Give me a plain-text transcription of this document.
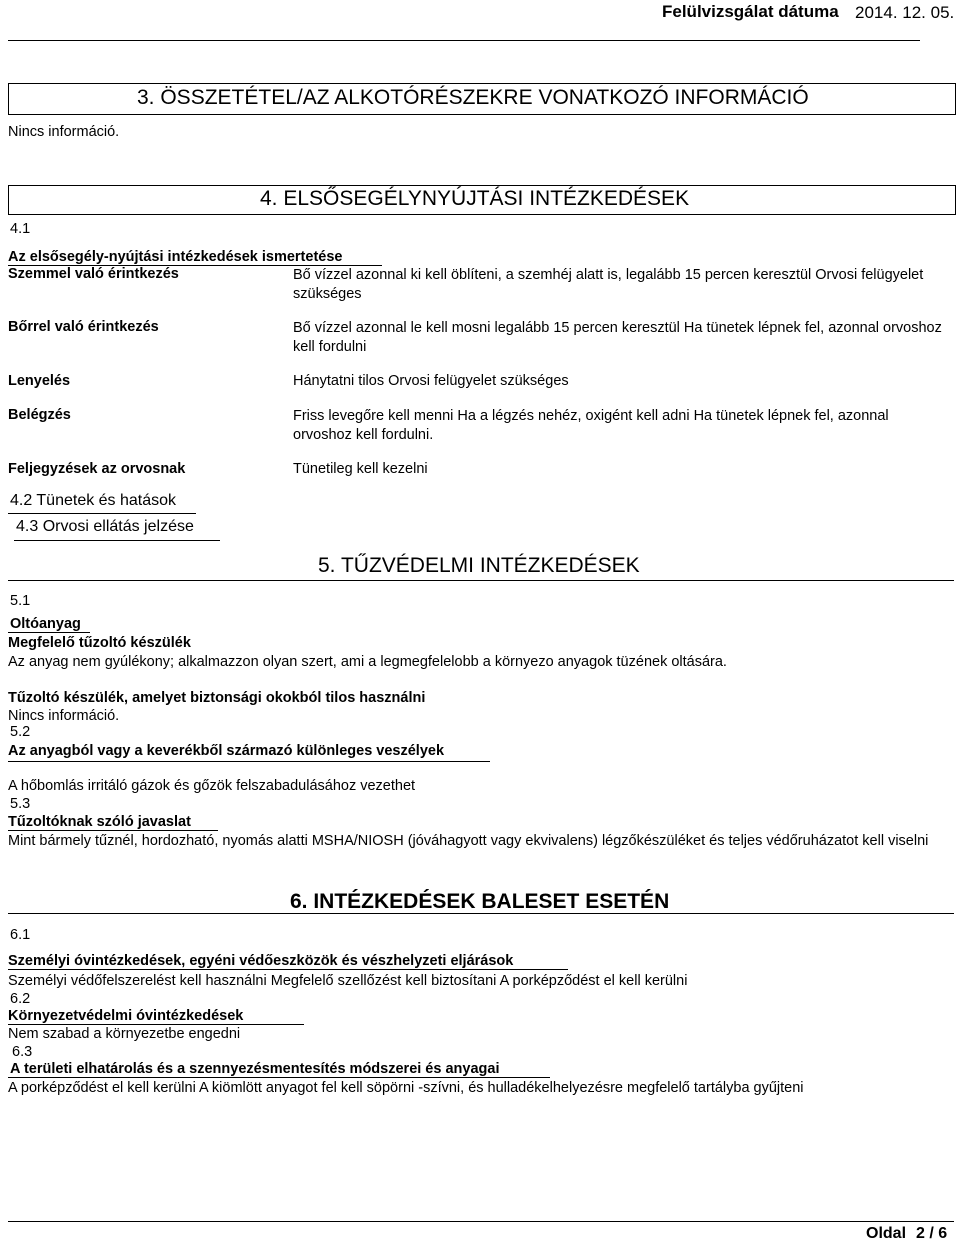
Felülvizsgálat dátuma 2014. 12. 05.
3. ÖSSZETÉTEL/AZ ALKOTÓRÉSZEKRE VONATKOZÓ INFORMÁCIÓ
Nincs információ.
4. ELSŐSEGÉLYNYÚJTÁSI INTÉZKEDÉSEK
4.1
Az elsősegély-nyújtási intézkedések ismertetése
Szemmel való érintkezés	Bő vízzel azonnal ki kell öblíteni, a szemhéj alatt is, legalább 15 percen keresztül Orvosi felügyelet szükséges
Bőrrel való érintkezés	Bő vízzel azonnal le kell mosni legalább 15 percen keresztül Ha tünetek lépnek fel, azonnal orvoshoz kell fordulni
Lenyelés	Hánytatni tilos Orvosi felügyelet szükséges
Belégzés	Friss levegőre kell menni Ha a légzés nehéz, oxigént kell adni Ha tünetek lépnek fel, azonnal orvoshoz kell fordulni.
Feljegyzések az orvosnak	Tünetileg kell kezelni
4.2 Tünetek és hatások
4.3 Orvosi ellátás jelzése
5. TŰZVÉDELMI INTÉZKEDÉSEK
5.1
Oltóanyag
Megfelelő tűzoltó készülék
Az anyag nem gyúlékony; alkalmazzon olyan szert, ami a legmegfelelobb a környezo anyagok tüzének oltására.
Tűzoltó készülék, amelyet biztonsági okokból tilos használni
Nincs információ.
5.2
Az anyagból vagy a keverékből származó különleges veszélyek
A hőbomlás irritáló gázok és gőzök felszabadulásához vezethet
5.3
Tűzoltóknak szóló javaslat
Mint bármely tűznél, hordozható, nyomás alatti MSHA/NIOSH (jóváhagyott vagy ekvivalens) légzőkészüléket és teljes védőruházatot kell viselni
6. INTÉZKEDÉSEK BALESET ESETÉN
6.1
Személyi óvintézkedések, egyéni védőeszközök és vészhelyzeti eljárások
Személyi védőfelszerelést kell használni Megfelelő szellőzést kell biztosítani A porképződést el kell kerülni
6.2
Környezetvédelmi óvintézkedések
Nem szabad a környezetbe engedni
6.3
A területi elhatárolás és a szennyezésmentesítés módszerei és anyagai
A porképződést el kell kerülni A kiömlött anyagot fel kell söpörni -szívni, és hulladékelhelyezésre megfelelő tartályba gyűjteni
Oldal 2 / 6
